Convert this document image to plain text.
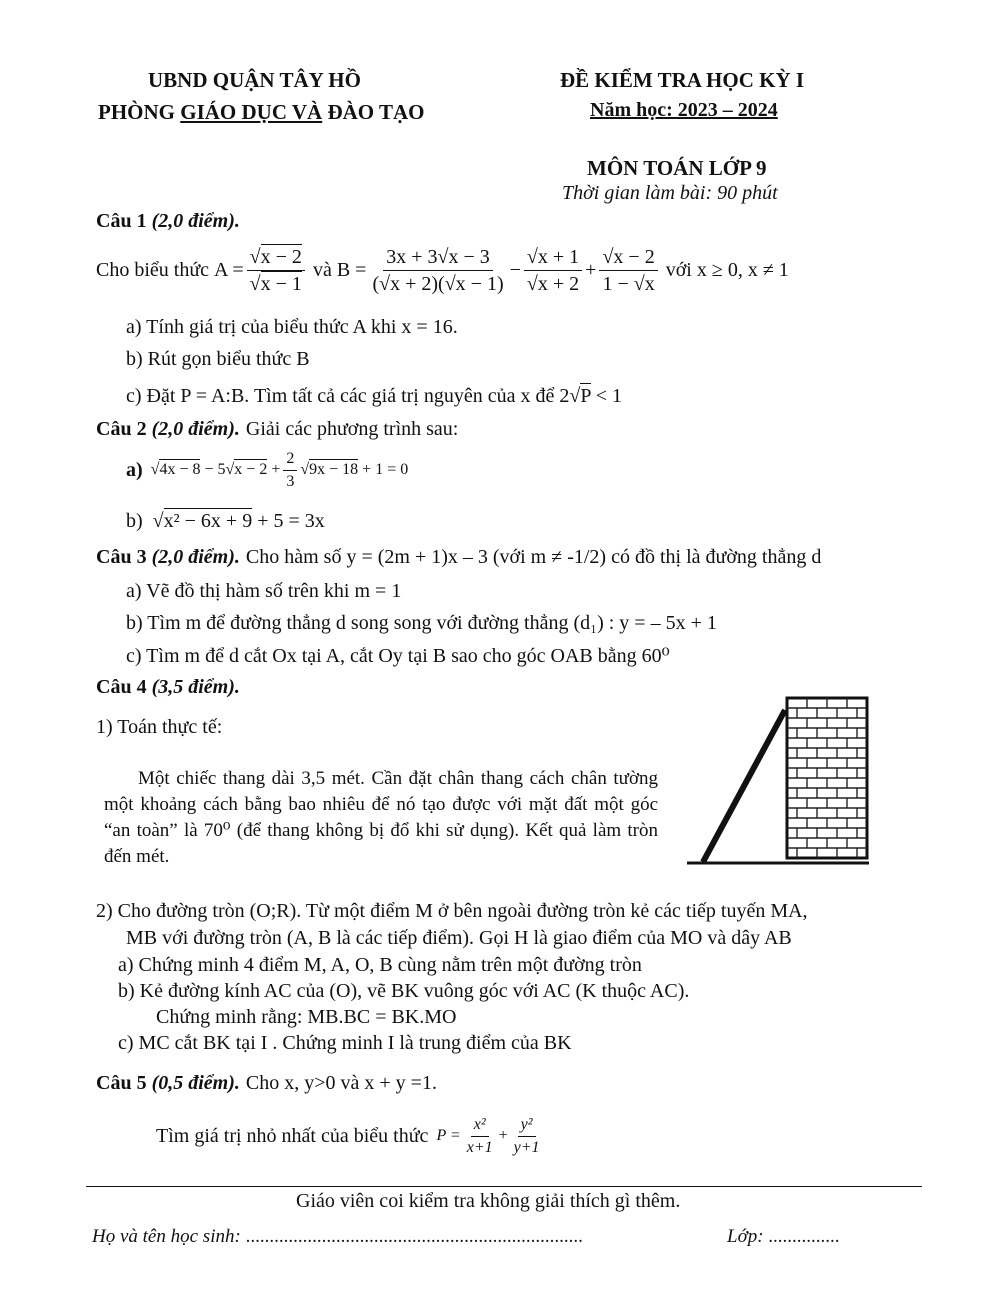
UBND QUẬN TÂY HỒ
PHÒNG GIÁO DỤC VÀ ĐÀO TẠO
ĐỀ KIỂM TRA HỌC KỲ I
Năm học: 2023 – 2024
MÔN TOÁN LỚP 9
Thời gian làm bài: 90 phút
Câu 1 (2,0 điểm).
Cho biểu thức
$A = \frac{√x - 2}{√x - 1}$
và
$B = \frac{3x + 3√x - 3}{(√x + 2)(√x - 1)} - \frac{√x + 1}{√x + 2} + \frac{√x - 2}{1 - √x}$
với x ≥ 0, x ≠ 1
a) Tính giá trị của biểu thức A khi x = 16.
b) Rút gọn biểu thức B
c) Đặt P = A:B. Tìm tất cả các giá trị nguyên của x để 2√P < 1
Câu 2 (2,0 điểm). Giải các phương trình sau:
a)
$√4x - 8 - 5√x - 2 + \frac{2}{3} √9x - 18 + 1 = 0$
b)  √x² − 6x + 9 + 5 = 3x
Câu 3 (2,0 điểm). Cho hàm số y = (2m + 1)x – 3 (với m ≠ -1/2) có đồ thị là đường thẳng d
a) Vẽ đồ thị hàm số trên khi m = 1
b) Tìm m để đường thẳng d song song với đường thẳng (d₁) : y = – 5x + 1
c) Tìm m để d cắt Ox tại A, cắt Oy tại B sao cho góc OAB bằng 60⁰
Câu 4 (3,5 điểm).
1) Toán thực tế:
Một chiếc thang dài 3,5 mét. Cần đặt chân thang cách chân tường một khoảng cách bằng bao nhiêu để nó tạo được với mặt đất một góc “an toàn” là 70⁰ (để thang không bị đổ khi sử dụng). Kết quả làm tròn đến mét.
2) Cho đường tròn (O;R). Từ một điểm M ở bên ngoài đường tròn kẻ các tiếp tuyến MA,
MB với đường tròn (A, B là các tiếp điểm). Gọi H là giao điểm của MO và dây AB
a) Chứng minh 4 điểm M, A, O, B cùng nằm trên một đường tròn
b) Kẻ đường kính AC của (O), vẽ BK vuông góc với AC (K thuộc AC).
Chứng minh rằng: MB.BC = BK.MO
c) MC cắt BK tại I . Chứng minh I là trung điểm của BK
Câu 5 (0,5 điểm). Cho x, y>0 và x + y =1.
Tìm giá trị nhỏ nhất của biểu thức
$P = \frac{\text{x²}}{x+1} + \frac{\text{y²}}{y+1}$
Giáo viên coi kiểm tra không giải thích gì thêm.
Họ và tên học sinh: .......................................................................	Lớp: ...............
